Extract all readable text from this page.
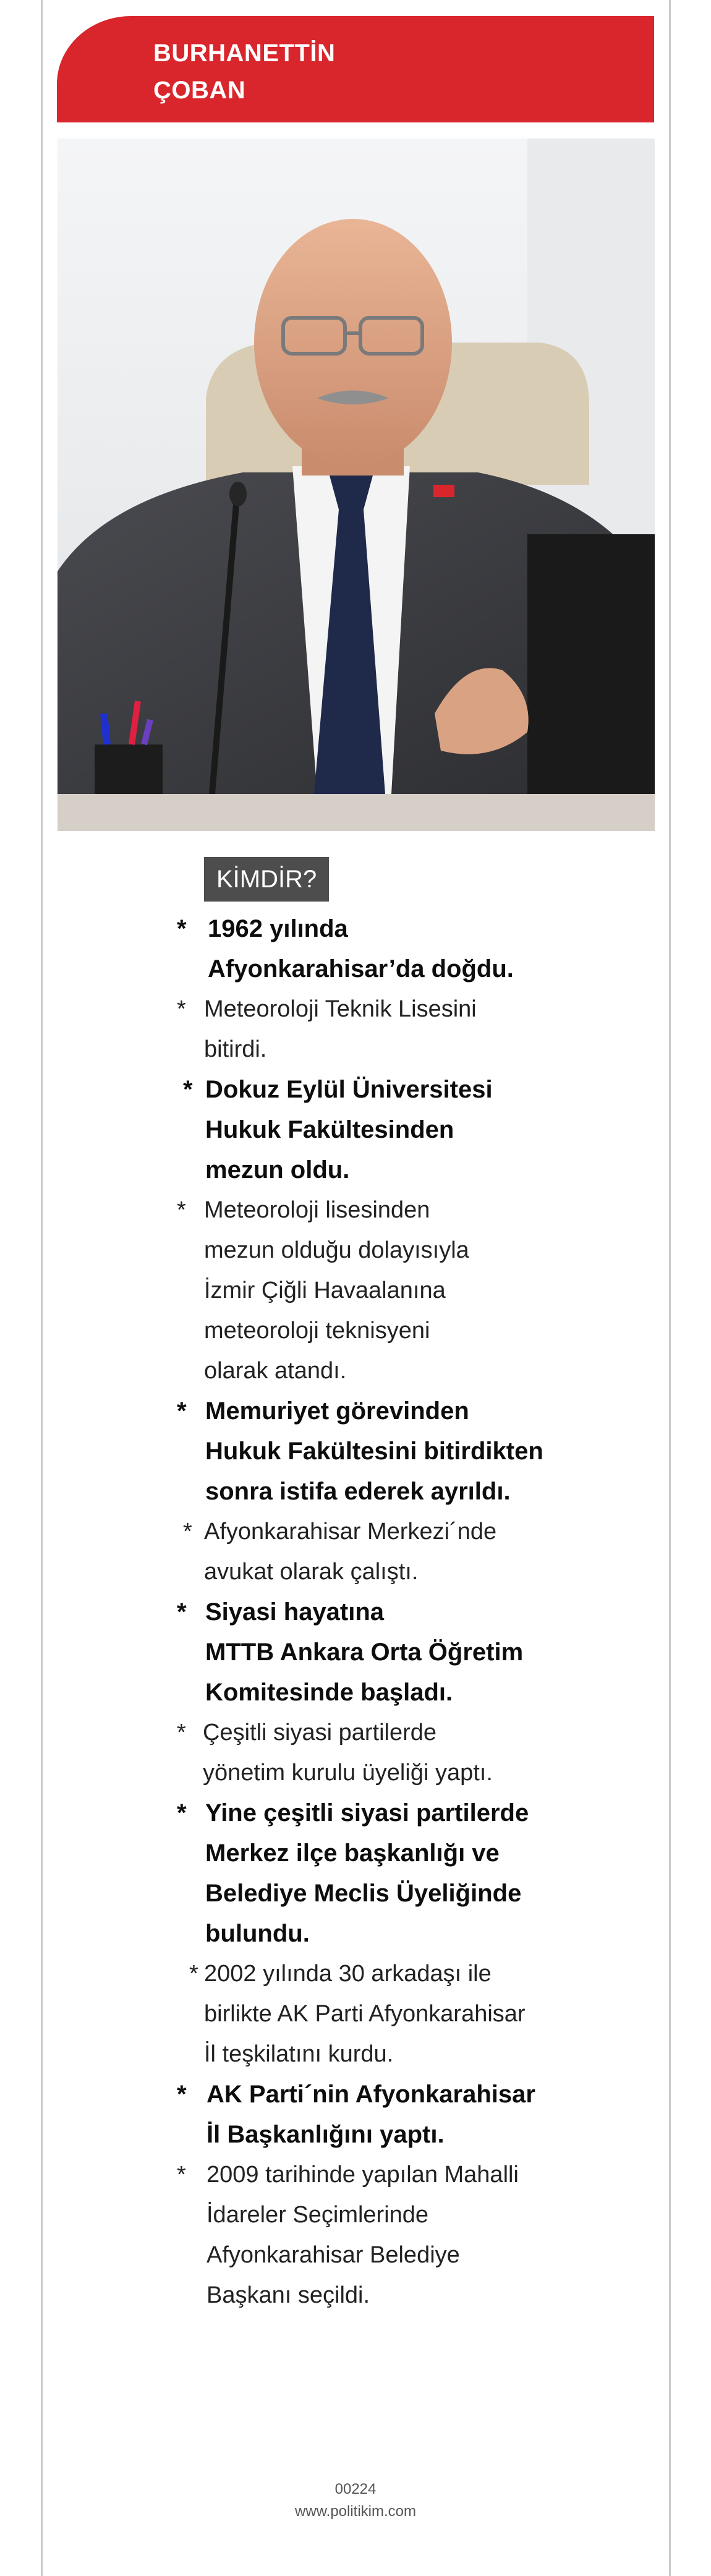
BURHANETTİN
ÇOBAN
KİMDİR?
* 1962 yılında
Afyonkarahisar’da doğdu.
* Meteoroloji Teknik Lisesini
bitirdi.
* Dokuz Eylül Üniversitesi
Hukuk Fakültesinden
mezun oldu.
* Meteoroloji lisesinden
mezun olduğu dolayısıyla
İzmir Çiğli Havaalanına
meteoroloji teknisyeni
olarak atandı.
* Memuriyet görevinden
Hukuk Fakültesini bitirdikten
sonra istifa ederek ayrıldı.
* Afyonkarahisar Merkezi´nde
avukat olarak çalıştı.
* Siyasi hayatına
MTTB Ankara Orta Öğretim
Komitesinde başladı.
* Çeşitli siyasi partilerde
yönetim kurulu üyeliği yaptı.
* Yine çeşitli siyasi partilerde
Merkez ilçe başkanlığı ve
Belediye Meclis Üyeliğinde
bulundu.
* 2002 yılında 30 arkadaşı ile
birlikte AK Parti Afyonkarahisar
İl teşkilatını kurdu.
* AK Parti´nin Afyonkarahisar
İl Başkanlığını yaptı.
* 2009 tarihinde yapılan Mahalli
İdareler Seçimlerinde
Afyonkarahisar Belediye
Başkanı seçildi.
00224
www.politikim.com
